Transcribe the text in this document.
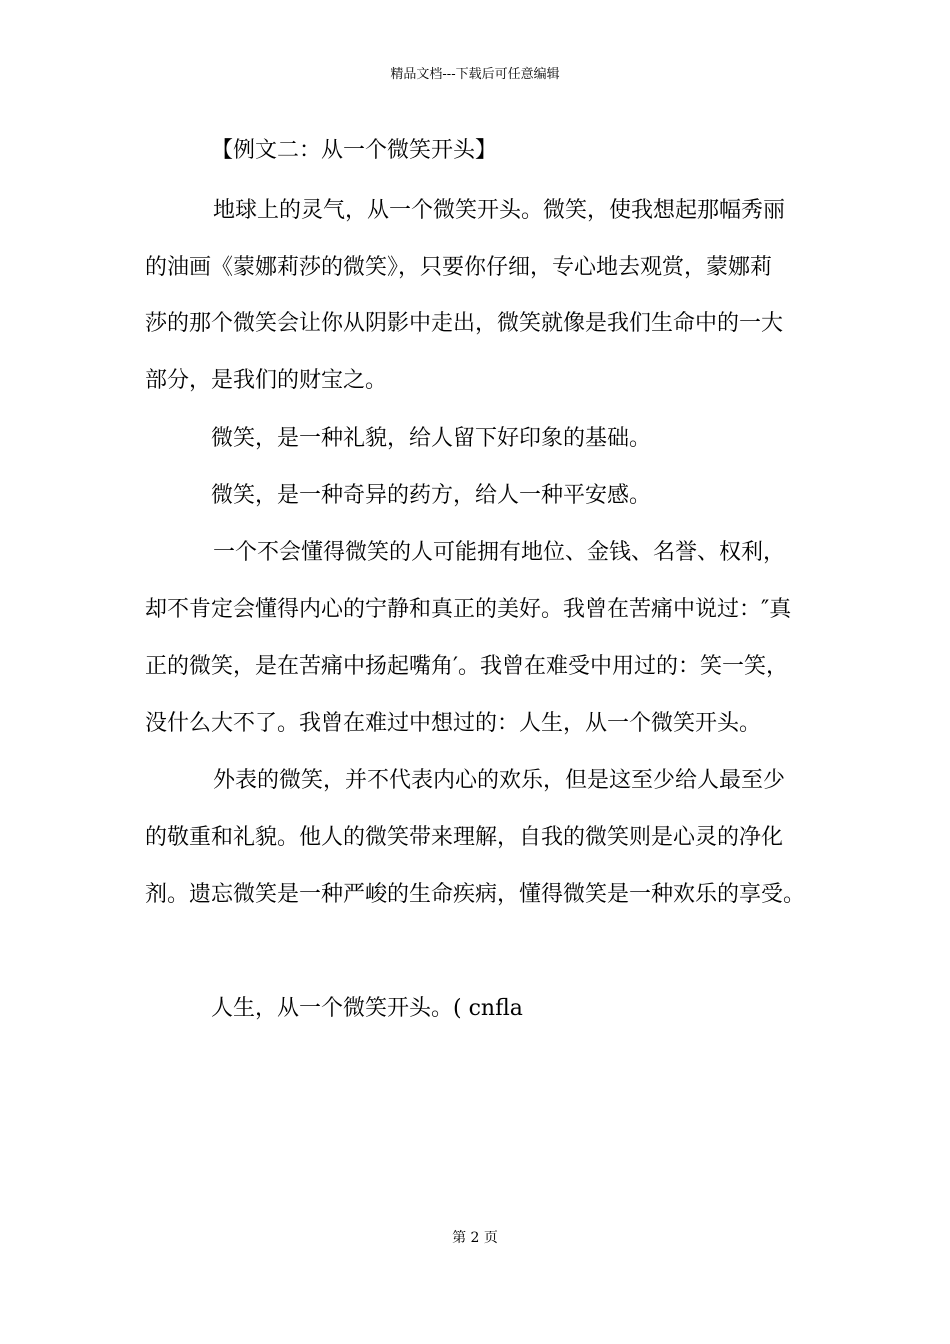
精品文档---下载后可任意编辑
【例文二：从一个微笑开头】
地球上的灵气，从一个微笑开头。微笑，使我想起那幅秀丽
的油画《蒙娜莉莎的微笑》，只要你仔细，专心地去观赏，蒙娜莉
莎的那个微笑会让你从阴影中走出，微笑就像是我们生命中的一大
部分，是我们的财宝之。
微笑，是一种礼貌，给人留下好印象的基础。
微笑，是一种奇异的药方，给人一种平安感。
一个不会懂得微笑的人可能拥有地位、金钱、名誉、权利，
却不肯定会懂得内心的宁静和真正的美好。我曾在苦痛中说过：″真
正的微笑，是在苦痛中扬起嘴角′。我曾在难受中用过的：笑一笑，
没什么大不了。我曾在难过中想过的：人生，从一个微笑开头。
外表的微笑，并不代表内心的欢乐，但是这至少给人最至少
的敬重和礼貌。他人的微笑带来理解，自我的微笑则是心灵的净化
剂。遗忘微笑是一种严峻的生命疾病，懂得微笑是一种欢乐的享受。
人生，从一个微笑开头。( cnfla
第 2 页
